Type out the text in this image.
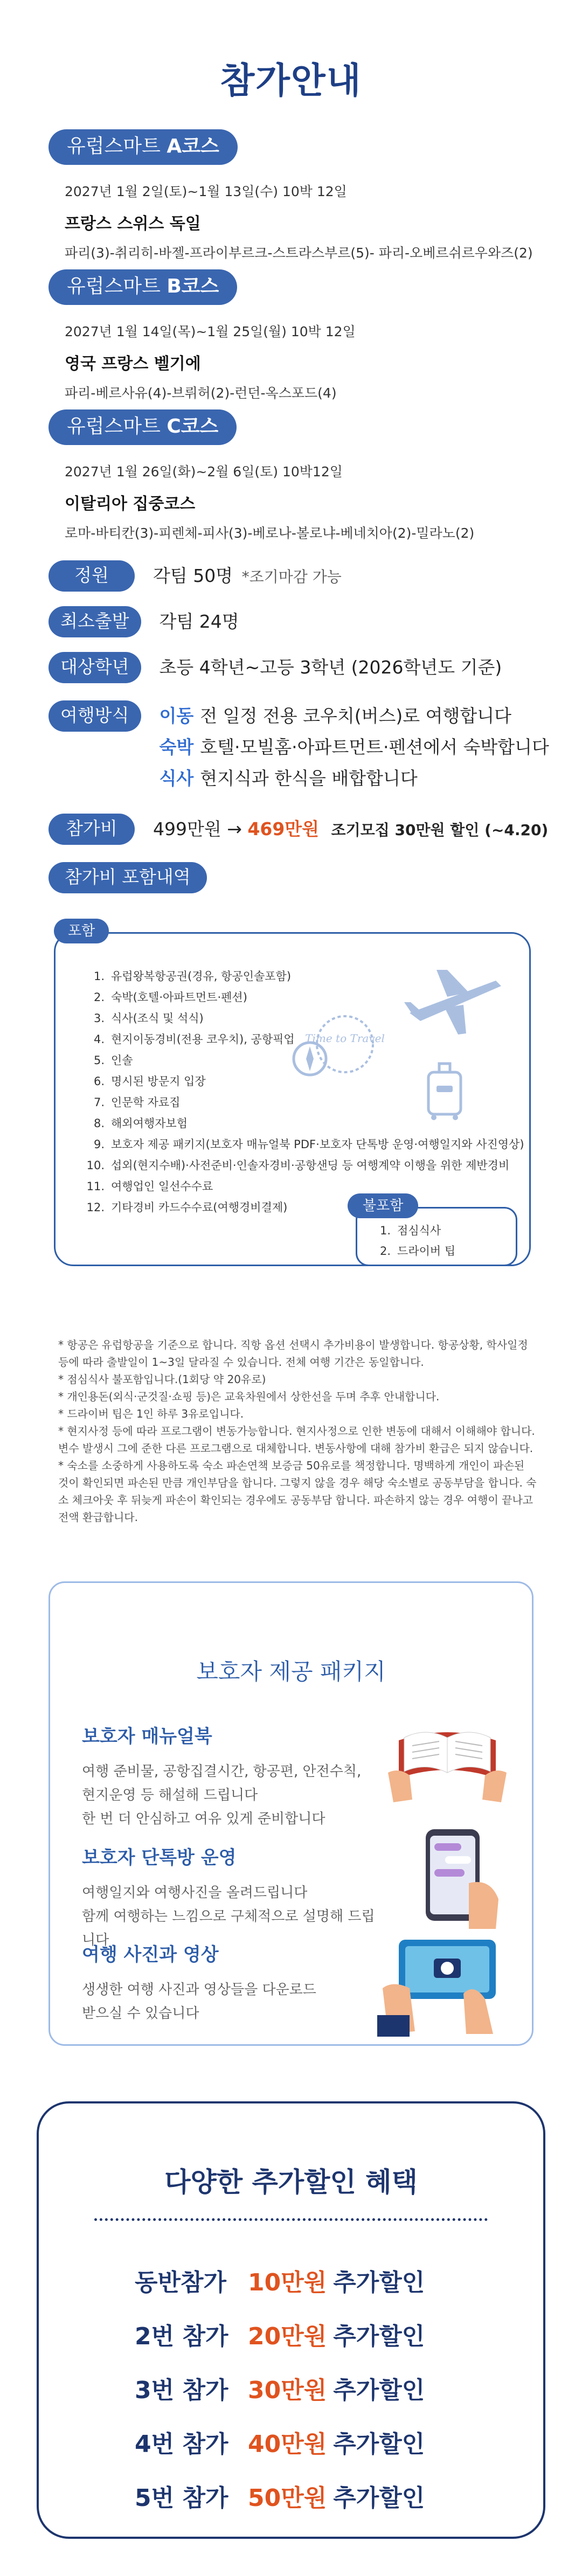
참가안내
유럽스마트 A코스
2027년 1월 2일(토)~1월 13일(수) 10박 12일
프랑스 스위스 독일
파리(3)-취리히-바젤-프라이부르크-스트라스부르(5)- 파리-오베르쉬르우와즈(2)
유럽스마트 B코스
2027년 1월 14일(목)~1월 25일(월) 10박 12일
영국 프랑스 벨기에
파리-베르사유(4)-브뤼허(2)-런던-옥스포드(4)
유럽스마트 C코스
2027년 1월 26일(화)~2월 6일(토) 10박12일
이탈리아 집중코스
로마-바티칸(3)-피렌체-피사(3)-베로나-볼로냐-베네치아(2)-밀라노(2)
정원	각팀 50명 *조기마감 가능
최소출발	각팀 24명
대상학년	초등 4학년~고등 3학년 (2026학년도 기준)
여행방식	이동 전 일정 전용 코우치(버스)로 여행합니다
숙박 호텔·모빌홈·아파트먼트·펜션에서 숙박합니다
식사 현지식과 한식을 배합합니다
참가비	499만원 → 469만원 조기모집 30만원 할인 (~4.20)
참가비 포함내역
포함
1. 유럽왕복항공권(경유, 항공인솔포함)
2. 숙박(호텔·아파트먼트·펜션)
3. 식사(조식 및 석식)
4. 현지이동경비(전용 코우치), 공항픽업
5. 인솔
6. 명시된 방문지 입장
7. 인문학 자료집
8. 해외여행자보험
9. 보호자 제공 패키지(보호자 매뉴얼북 PDF·보호자 단톡방 운영·여행일지와 사진영상)
10. 섭외(현지수배)·사전준비·인솔자경비·공항샌딩 등 여행계약 이행을 위한 제반경비
11. 여행업인 일선수수료
12. 기타경비 카드수수료(여행경비결제)
Time to Travel
불포함
1. 점심식사
2. 드라이버 팁

* 항공은 유럽항공을 기준으로 합니다. 직항 옵션 선택시 추가비용이 발생합니다. 항공상황, 학사일정 등에 따라 출발일이 1~3일 달라질 수 있습니다. 전체 여행 기간은 동일합니다.

* 점심식사 불포함입니다.(1회당 약 20유로)

* 개인용돈(외식·군것질·쇼핑 등)은 교육차원에서 상한선을 두며 추후 안내합니다.

* 드라이버 팁은 1인 하루 3유로입니다.

* 현지사정 등에 따라 프로그램이 변동가능합니다. 현지사정으로 인한 변동에 대해서 이해해야 합니다. 변수 발생시 그에 준한 다른 프로그램으로 대체합니다. 변동사항에 대해 참가비 환급은 되지 않습니다.

* 숙소를 소중하게 사용하도록 숙소 파손연책 보증금 50유로를 책정합니다. 명백하게 개인이 파손된 것이 확인되면 파손된 만큼 개인부담을 합니다. 그렇지 않을 경우 해당 숙소별로 공동부담을 합니다. 숙소 체크아웃 후 뒤늦게 파손이 확인되는 경우에도 공동부담 합니다. 파손하지 않는 경우 여행이 끝나고 전액 환급합니다.

보호자 제공 패키지
보호자 매뉴얼북

여행 준비물, 공항집결시간, 항공편, 안전수칙,

현지운영 등 해설해 드립니다

한 번 더 안심하고 여유 있게 준비합니다

보호자 단톡방 운영

여행일지와 여행사진을 올려드립니다

함께 여행하는 느낌으로 구체적으로 설명해 드립니다

여행 사진과 영상

생생한 여행 사진과 영상들을 다운로드

받으실 수 있습니다

다양한 추가할인 혜택
동반참가 10만원 추가할인
2번 참가 20만원 추가할인
3번 참가 30만원 추가할인
4번 참가 40만원 추가할인
5번 참가 50만원 추가할인
